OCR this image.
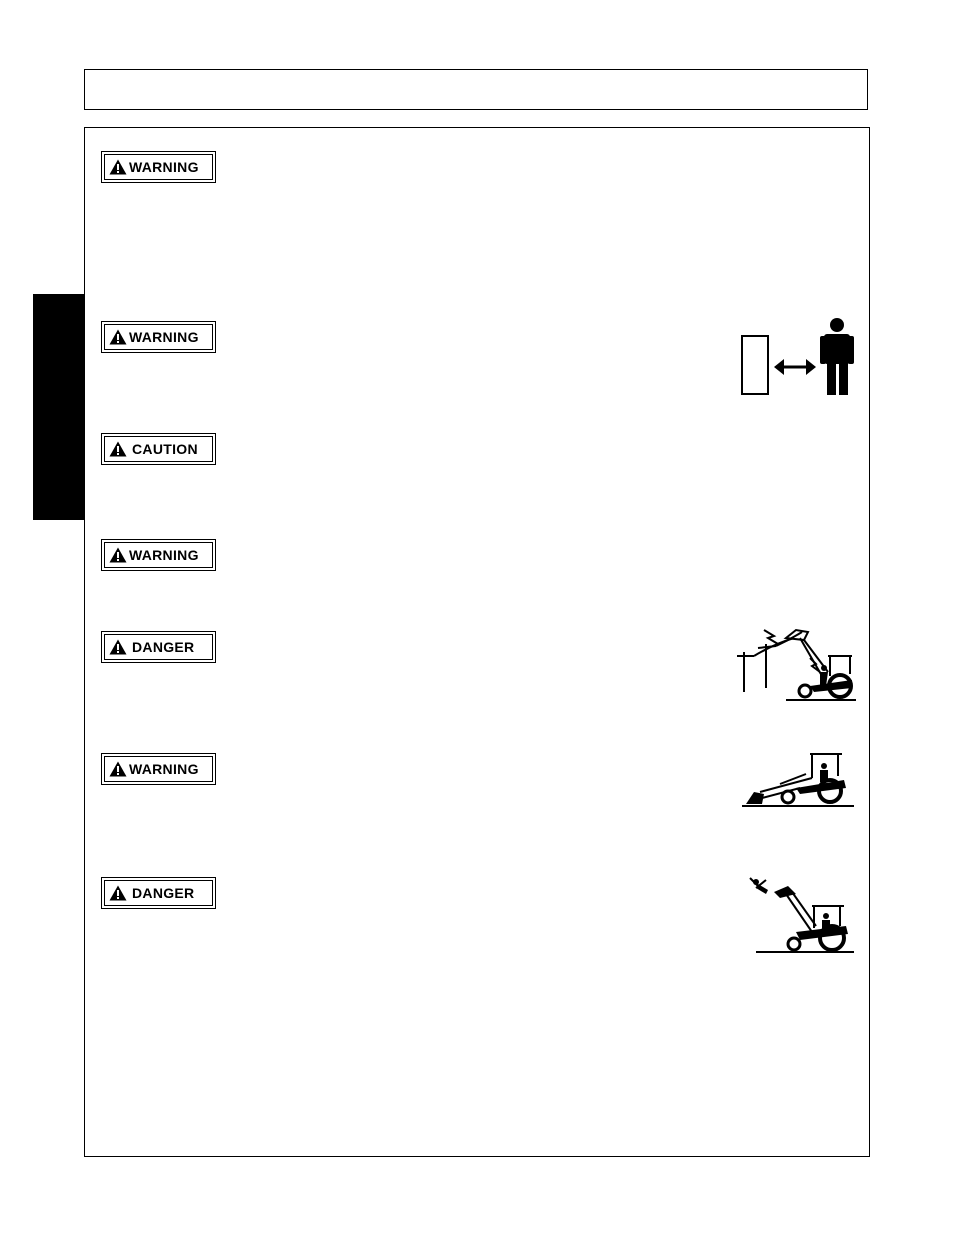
WARNING
WARNING
CAUTION
WARNING
DANGER
WARNING
DANGER
